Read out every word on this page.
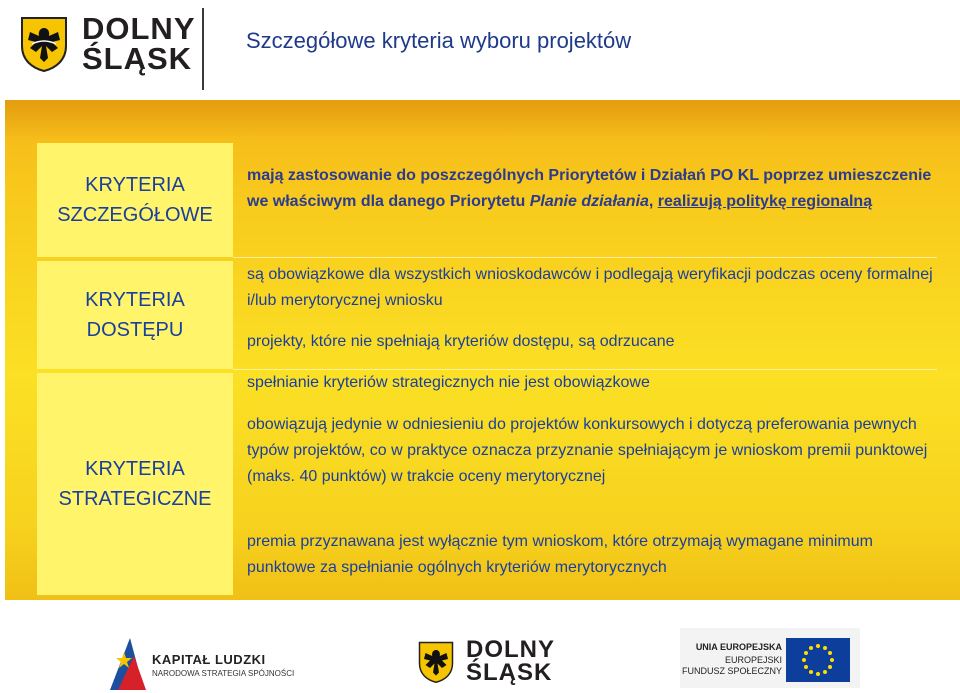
DOLNY
ŚLĄSK
Szczegółowe kryteria wyboru projektów
KRYTERIA
SZCZEGÓŁOWE
mają zastosowanie do poszczególnych Priorytetów i Działań PO KL poprzez umieszczenie we właściwym dla danego Priorytetu Planie działania, realizują politykę regionalną
KRYTERIA
DOSTĘPU
są obowiązkowe dla wszystkich wnioskodawców i podlegają weryfikacji podczas oceny formalnej i/lub merytorycznej wniosku
projekty, które nie spełniają kryteriów dostępu, są odrzucane
KRYTERIA
STRATEGICZNE
spełnianie kryteriów strategicznych nie jest obowiązkowe
obowiązują jedynie w odniesieniu do projektów konkursowych i dotyczą preferowania pewnych typów projektów, co w praktyce oznacza przyznanie spełniającym je wnioskom premii punktowej (maks. 40 punktów) w trakcie oceny merytorycznej
premia przyznawana jest wyłącznie tym wnioskom, które otrzymają wymagane minimum punktowe za spełnianie ogólnych kryteriów merytorycznych
KAPITAŁ LUDZKI
NARODOWA STRATEGIA SPÓJNOŚCI
DOLNY
ŚLĄSK
UNIA EUROPEJSKA
EUROPEJSKI
FUNDUSZ SPOŁECZNY
